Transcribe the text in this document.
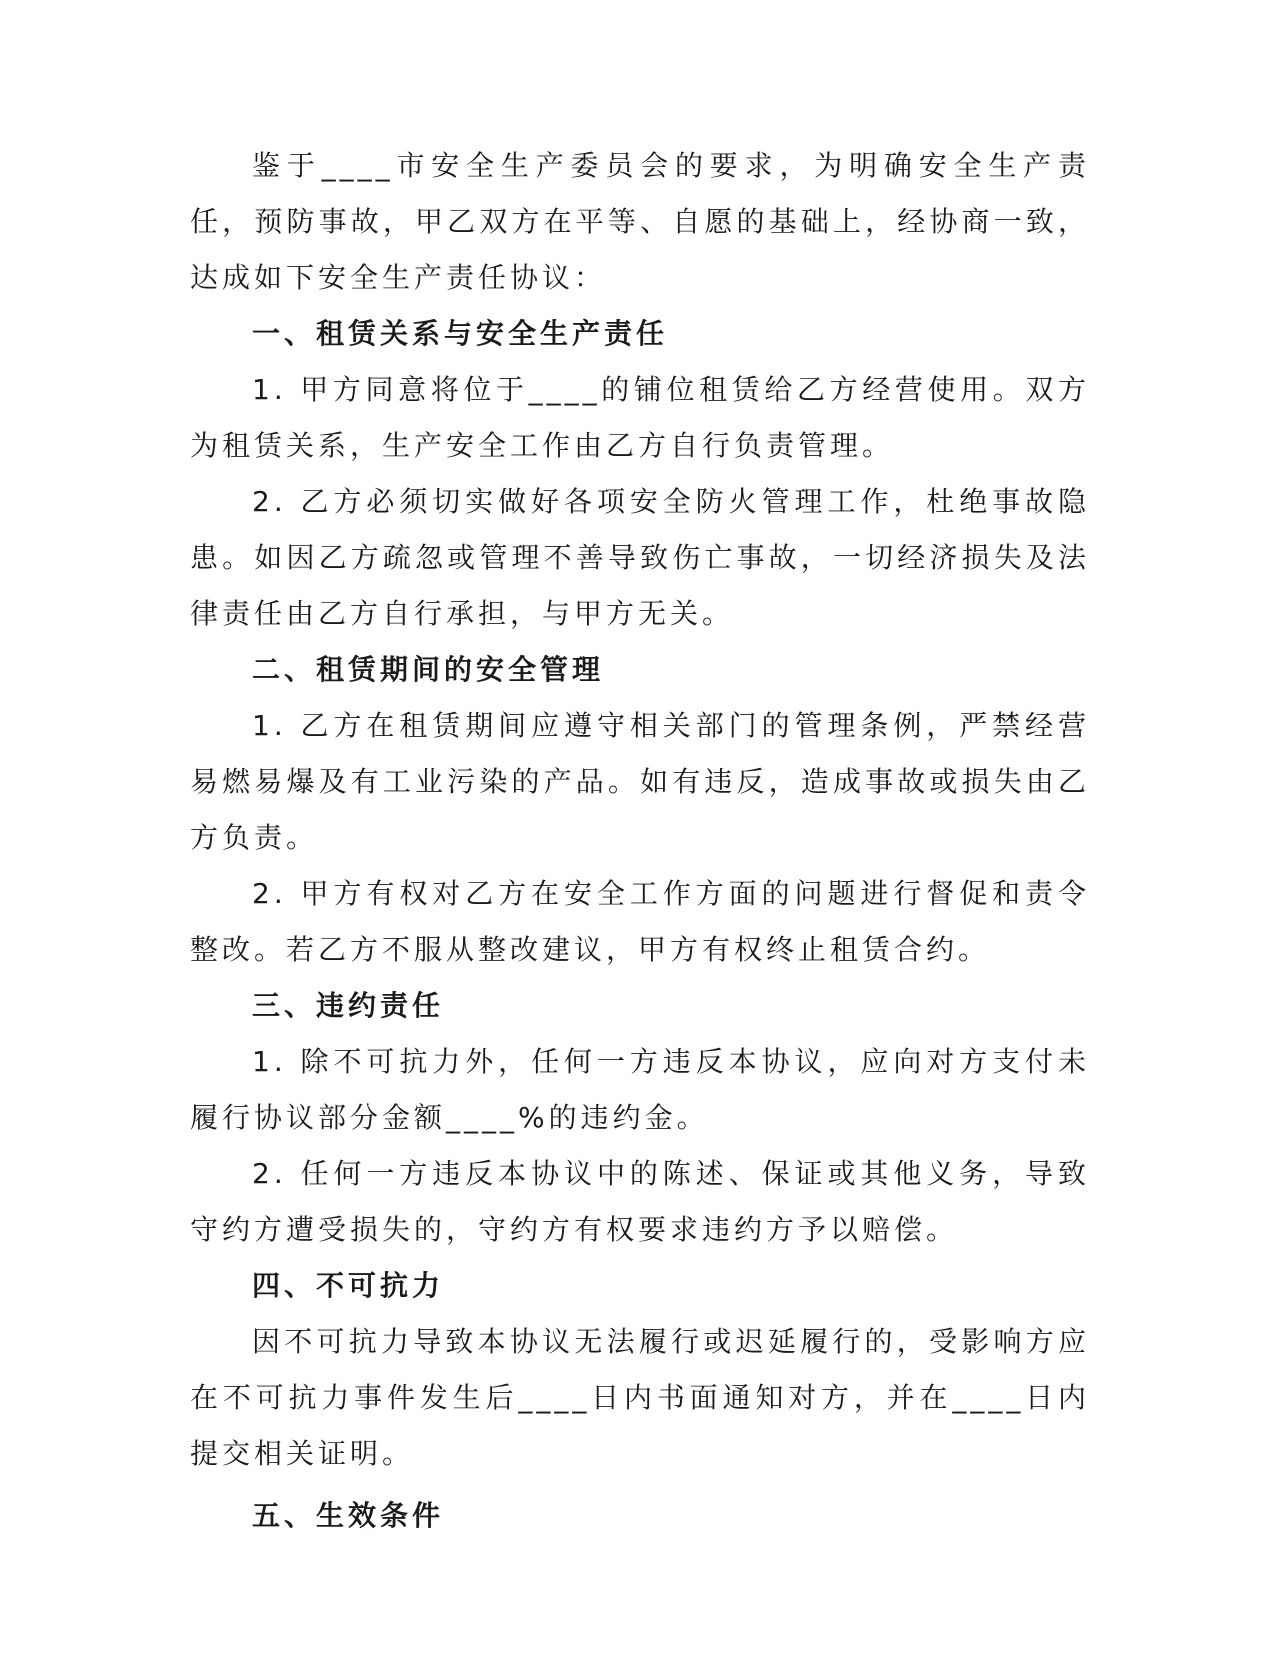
鉴于____市安全生产委员会的要求，为明确安全生产责任，预防事故，甲乙双方在平等、自愿的基础上，经协商一致，达成如下安全生产责任协议：

一、租赁关系与安全生产责任

1. 甲方同意将位于____的铺位租赁给乙方经营使用。双方为租赁关系，生产安全工作由乙方自行负责管理。

2. 乙方必须切实做好各项安全防火管理工作，杜绝事故隐患。如因乙方疏忽或管理不善导致伤亡事故，一切经济损失及法律责任由乙方自行承担，与甲方无关。

二、租赁期间的安全管理

1. 乙方在租赁期间应遵守相关部门的管理条例，严禁经营易燃易爆及有工业污染的产品。如有违反，造成事故或损失由乙方负责。

2. 甲方有权对乙方在安全工作方面的问题进行督促和责令整改。若乙方不服从整改建议，甲方有权终止租赁合约。

三、违约责任

1. 除不可抗力外，任何一方违反本协议，应向对方支付未履行协议部分金额____%的违约金。

2. 任何一方违反本协议中的陈述、保证或其他义务，导致守约方遭受损失的，守约方有权要求违约方予以赔偿。

四、不可抗力

因不可抗力导致本协议无法履行或迟延履行的，受影响方应在不可抗力事件发生后____日内书面通知对方，并在____日内提交相关证明。

五、生效条件
